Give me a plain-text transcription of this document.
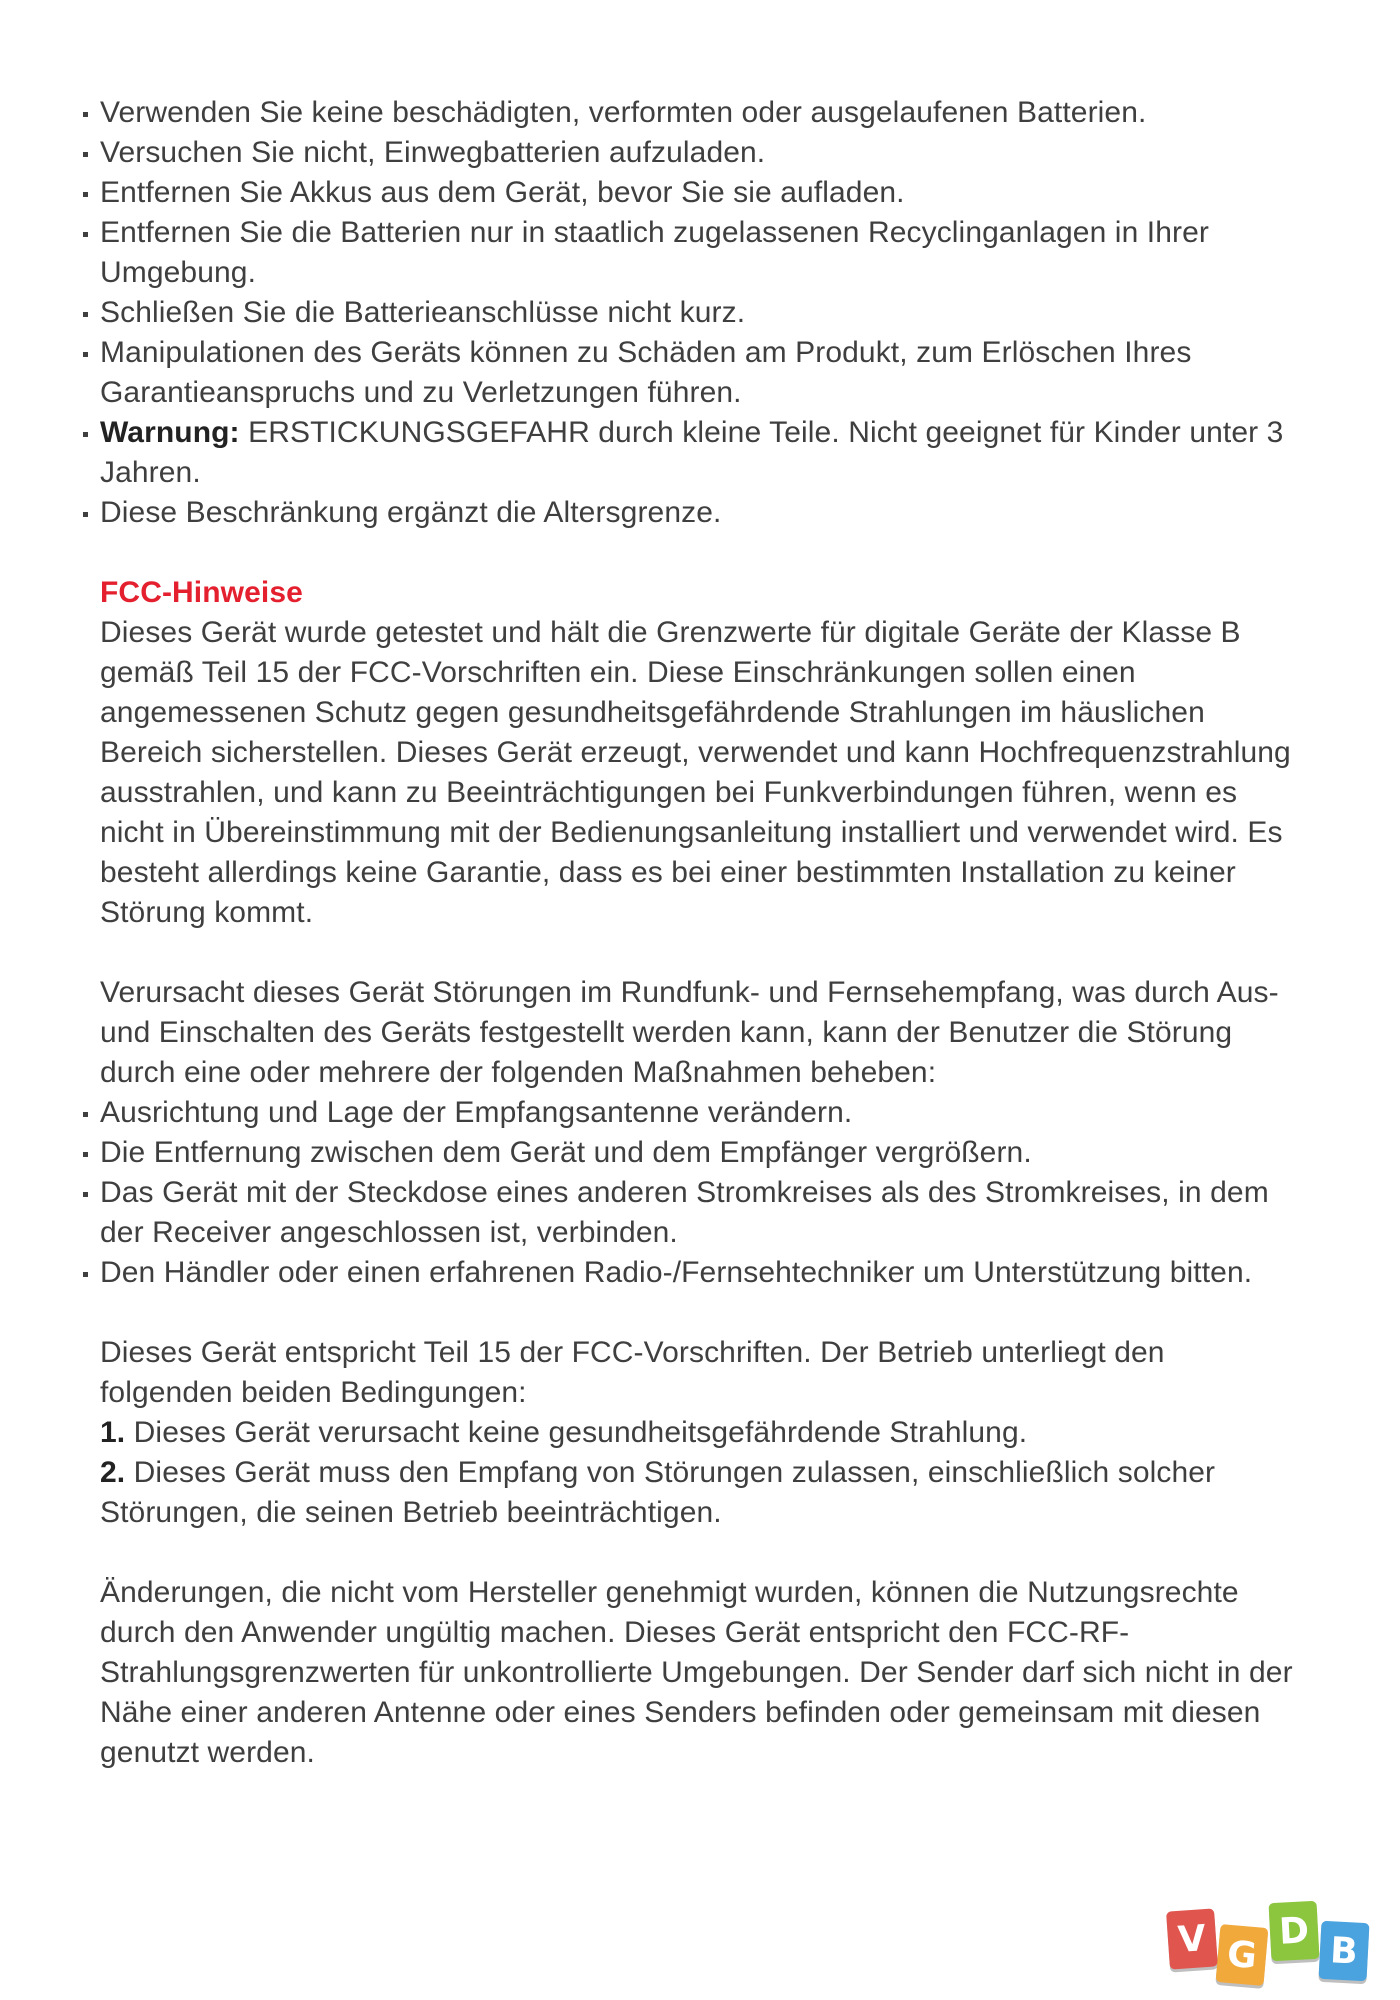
Verwenden Sie keine beschädigten, verformten oder ausgelaufenen Batterien.
Versuchen Sie nicht, Einwegbatterien aufzuladen.
Entfernen Sie Akkus aus dem Gerät, bevor Sie sie aufladen.
Entfernen Sie die Batterien nur in staatlich zugelassenen Recyclinganlagen in Ihrer Umgebung.
Schließen Sie die Batterieanschlüsse nicht kurz.
Manipulationen des Geräts können zu Schäden am Produkt, zum Erlöschen Ihres Garantieanspruchs und zu Verletzungen führen.
Warnung: ERSTICKUNGSGEFAHR durch kleine Teile. Nicht geeignet für Kinder unter 3 Jahren.
Diese Beschränkung ergänzt die Altersgrenze.
FCC-Hinweise

Dieses Gerät wurde getestet und hält die Grenzwerte für digitale Geräte der Klasse B gemäß Teil 15 der FCC-Vorschriften ein. Diese Einschränkungen sollen einen angemessenen Schutz gegen gesundheitsgefährdende Strahlungen im häuslichen Bereich sicherstellen. Dieses Gerät erzeugt, verwendet und kann Hochfrequenzstrahlung ausstrahlen, und kann zu Beeinträchtigungen bei Funkverbindungen führen, wenn es nicht in Übereinstimmung mit der Bedienungsanleitung installiert und verwendet wird. Es besteht allerdings keine Garantie, dass es bei einer bestimmten Installation zu keiner Störung kommt.

Verursacht dieses Gerät Störungen im Rundfunk- und Fernsehempfang, was durch Aus- und Einschalten des Geräts festgestellt werden kann, kann der Benutzer die Störung durch eine oder mehrere der folgenden Maßnahmen beheben:

Ausrichtung und Lage der Empfangsantenne verändern.
Die Entfernung zwischen dem Gerät und dem Empfänger vergrößern.
Das Gerät mit der Steckdose eines anderen Stromkreises als des Stromkreises, in dem der Receiver angeschlossen ist, verbinden.
Den Händler oder einen erfahrenen Radio-/Fernsehtechniker um Unterstützung bitten.

Dieses Gerät entspricht Teil 15 der FCC-Vorschriften. Der Betrieb unterliegt den folgenden beiden Bedingungen:

1. Dieses Gerät verursacht keine gesundheitsgefährdende Strahlung.

2. Dieses Gerät muss den Empfang von Störungen zulassen, einschließlich solcher Störungen, die seinen Betrieb beeinträchtigen.

Änderungen, die nicht vom Hersteller genehmigt wurden, können die Nutzungsrechte durch den Anwender ungültig machen. Dieses Gerät entspricht den FCC-RF-Strahlungsgrenzwerten für unkontrollierte Umgebungen. Der Sender darf sich nicht in der Nähe einer anderen Antenne oder eines Senders befinden oder gemeinsam mit diesen genutzt werden.

V G
D B
